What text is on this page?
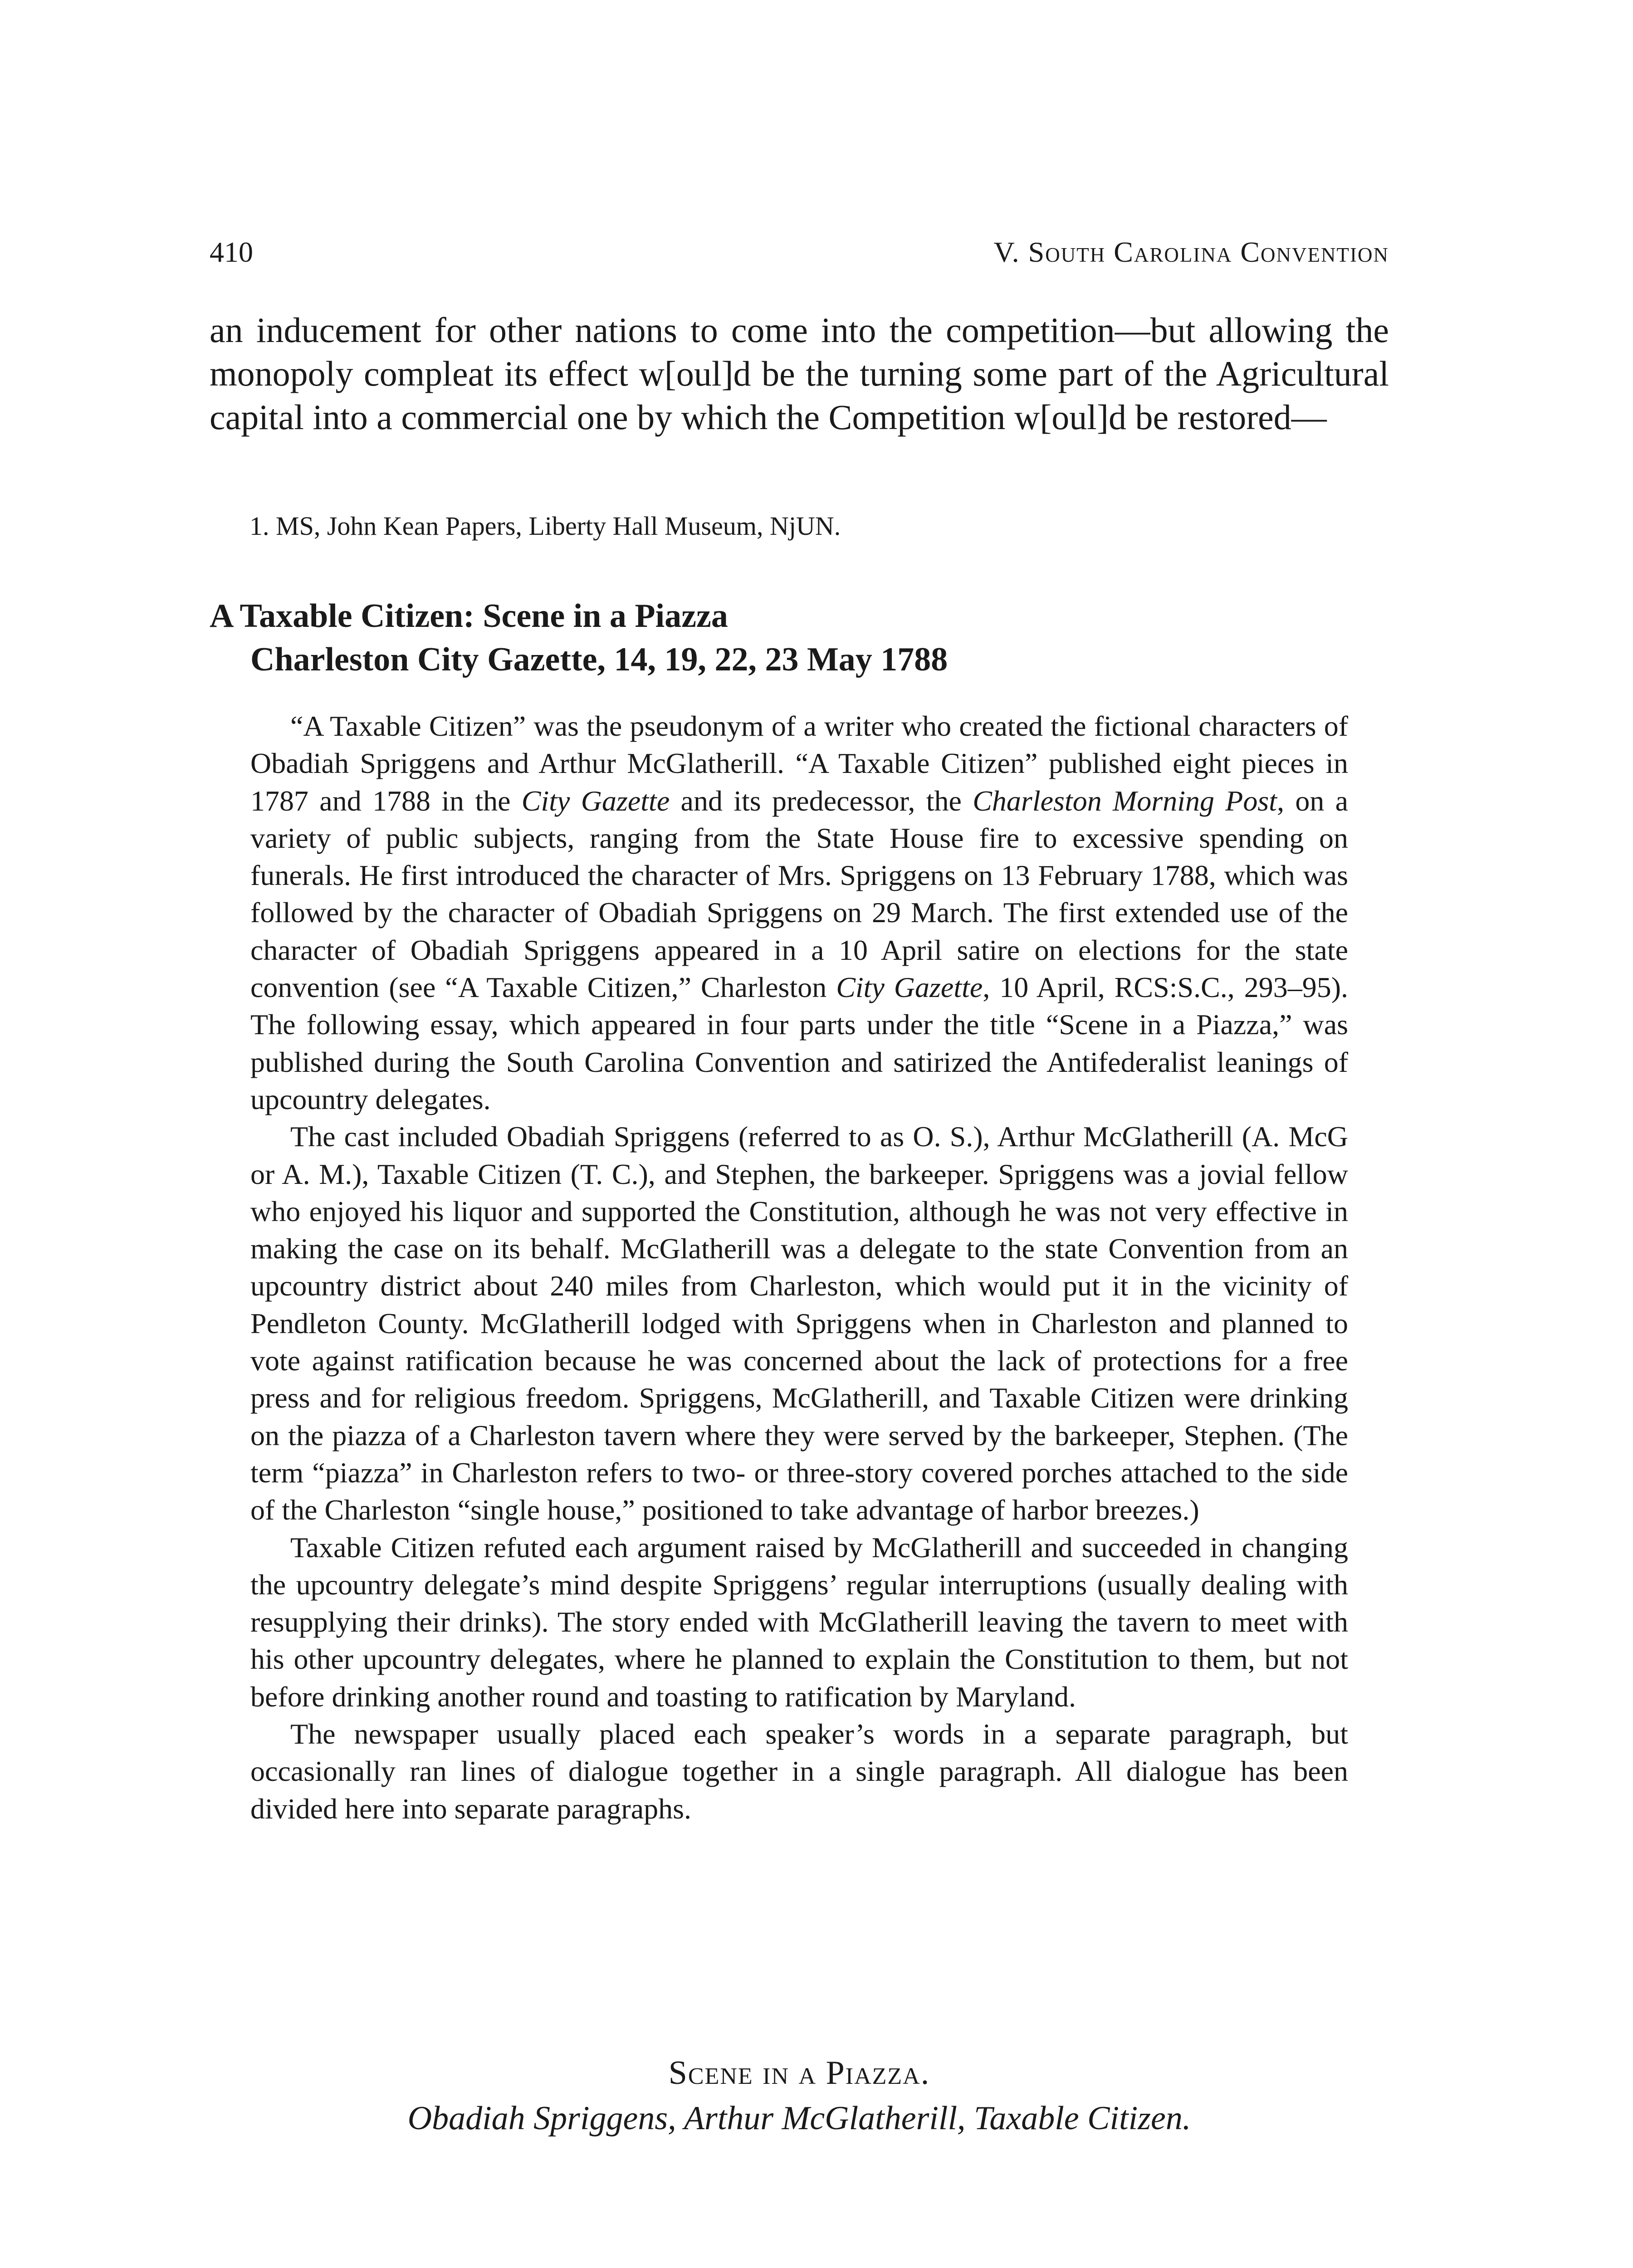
410	V. South Carolina Convention

an inducement for other nations to come into the competition—but allowing the monopoly compleat its effect w[oul]d be the turning some part of the Agricultural capital into a commercial one by which the Competition w[oul]d be restored—

1. MS, John Kean Papers, Liberty Hall Museum, NjUN.

A Taxable Citizen: Scene in a Piazza
Charleston City Gazette, 14, 19, 22, 23 May 1788

“A Taxable Citizen” was the pseudonym of a writer who created the fictional characters of Obadiah Spriggens and Arthur McGlatherill. “A Taxable Citizen” published eight pieces in 1787 and 1788 in the City Gazette and its predecessor, the Charleston Morning Post, on a variety of public subjects, ranging from the State House fire to excessive spending on funerals. He first introduced the character of Mrs. Spriggens on 13 February 1788, which was followed by the character of Obadiah Spriggens on 29 March. The first extended use of the character of Obadiah Spriggens appeared in a 10 April satire on elections for the state convention (see “A Taxable Citizen,” Charleston City Gazette, 10 April, RCS:S.C., 293–95). The following essay, which appeared in four parts under the title “Scene in a Piazza,” was published during the South Carolina Convention and satirized the Antifederalist leanings of upcountry delegates.

The cast included Obadiah Spriggens (referred to as O. S.), Arthur McGlatherill (A. McG or A. M.), Taxable Citizen (T. C.), and Stephen, the barkeeper. Spriggens was a jovial fellow who enjoyed his liquor and supported the Constitution, although he was not very effective in making the case on its behalf. McGlatherill was a delegate to the state Convention from an upcountry district about 240 miles from Charleston, which would put it in the vicinity of Pendleton County. McGlatherill lodged with Spriggens when in Charleston and planned to vote against ratification because he was concerned about the lack of protections for a free press and for religious freedom. Spriggens, McGlatherill, and Taxable Citizen were drinking on the piazza of a Charleston tavern where they were served by the barkeeper, Stephen. (The term “piazza” in Charleston refers to two- or three-story covered porches attached to the side of the Charleston “single house,” positioned to take advantage of harbor breezes.)

Taxable Citizen refuted each argument raised by McGlatherill and succeeded in changing the upcountry delegate’s mind despite Spriggens’ regular interruptions (usually dealing with resupplying their drinks). The story ended with McGlatherill leaving the tavern to meet with his other upcountry delegates, where he planned to explain the Constitution to them, but not before drinking another round and toasting to ratification by Maryland.

The newspaper usually placed each speaker’s words in a separate paragraph, but occasionally ran lines of dialogue together in a single paragraph. All dialogue has been divided here into separate paragraphs.

Scene in a Piazza.
Obadiah Spriggens, Arthur McGlatherill, Taxable Citizen.
